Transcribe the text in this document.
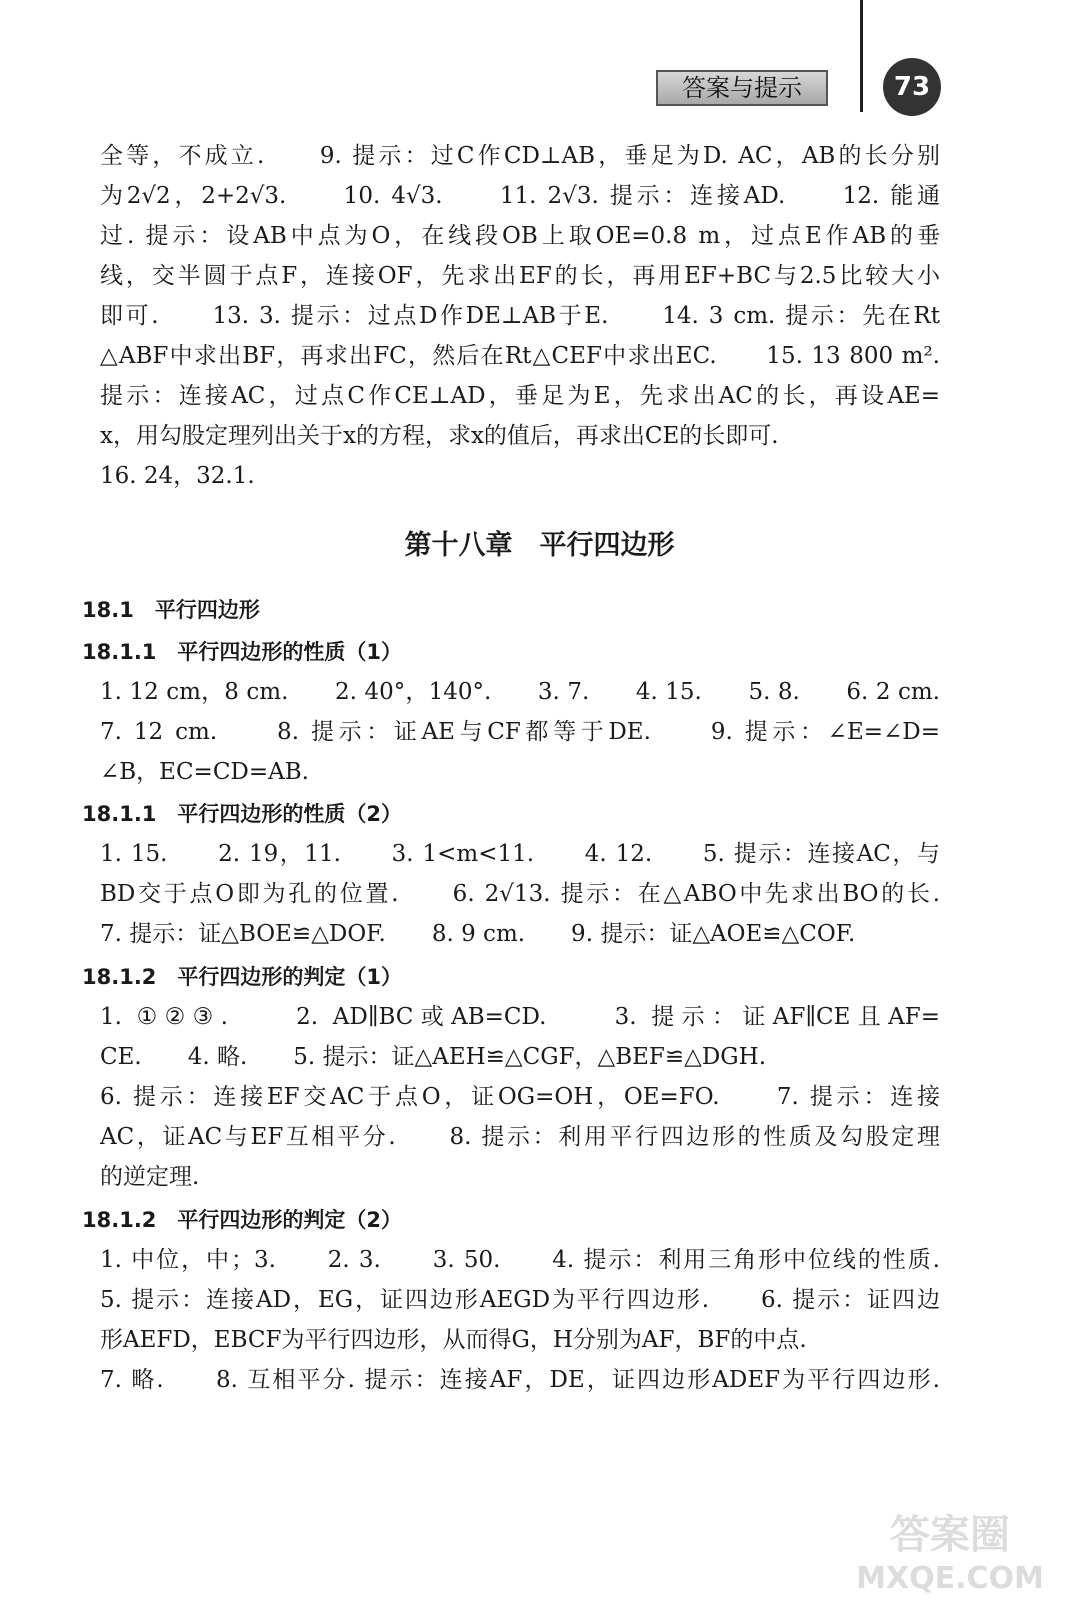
答案与提示	73
全等，不成立.　　9. 提示：过C作CD⊥AB，垂足为D. AC，AB的长分别
为2√2，2+2√3.　　10. 4√3.　　11. 2√3. 提示：连接AD.　　12. 能通
过. 提示：设AB中点为O，在线段OB上取OE=0.8 m，过点E作AB的垂
线，交半圆于点F，连接OF，先求出EF的长，再用EF+BC与2.5比较大小
即可.　　13. 3. 提示：过点D作DE⊥AB于E.　　14. 3 cm. 提示：先在Rt
△ABF中求出BF，再求出FC，然后在Rt△CEF中求出EC.　　15. 13 800 m².
提示：连接AC，过点C作CE⊥AD，垂足为E，先求出AC的长，再设AE=
x，用勾股定理列出关于x的方程，求x的值后，再求出CE的长即可.
16. 24，32.1.
第十八章　平行四边形
18.1　平行四边形
18.1.1　平行四边形的性质（1）
1. 12 cm，8 cm.　　2. 40°，140°.　　3. 7.　　4. 15.　　5. 8.　　6. 2 cm.
7. 12 cm.　　8. 提示：证AE与CF都等于DE.　　9. 提示：∠E=∠D=
∠B，EC=CD=AB.
18.1.1　平行四边形的性质（2）
1. 15.　　2. 19，11.　　3. 1<m<11.　　4. 12.　　5. 提示：连接AC，与
BD交于点O即为孔的位置.　　6. 2√13. 提示：在△ABO中先求出BO的长.
7. 提示：证△BOE≌△DOF.　　8. 9 cm.　　9. 提示：证△AOE≌△COF.
18.1.2　平行四边形的判定（1）
1. ①②③.　　2. AD∥BC或AB=CD.　　3. 提示：证AF∥CE且AF=
CE.　　4. 略.　　5. 提示：证△AEH≌△CGF，△BEF≌△DGH.
6. 提示：连接EF交AC于点O，证OG=OH，OE=FO.　　7. 提示：连接
AC，证AC与EF互相平分.　　8. 提示：利用平行四边形的性质及勾股定理
的逆定理.
18.1.2　平行四边形的判定（2）
1. 中位，中；3.　　2. 3.　　3. 50.　　4. 提示：利用三角形中位线的性质.
5. 提示：连接AD，EG，证四边形AEGD为平行四边形.　　6. 提示：证四边
形AEFD，EBCF为平行四边形，从而得G，H分别为AF，BF的中点.
7. 略.　　8. 互相平分. 提示：连接AF，DE，证四边形ADEF为平行四边形.
答案圈
MXQE.COM
